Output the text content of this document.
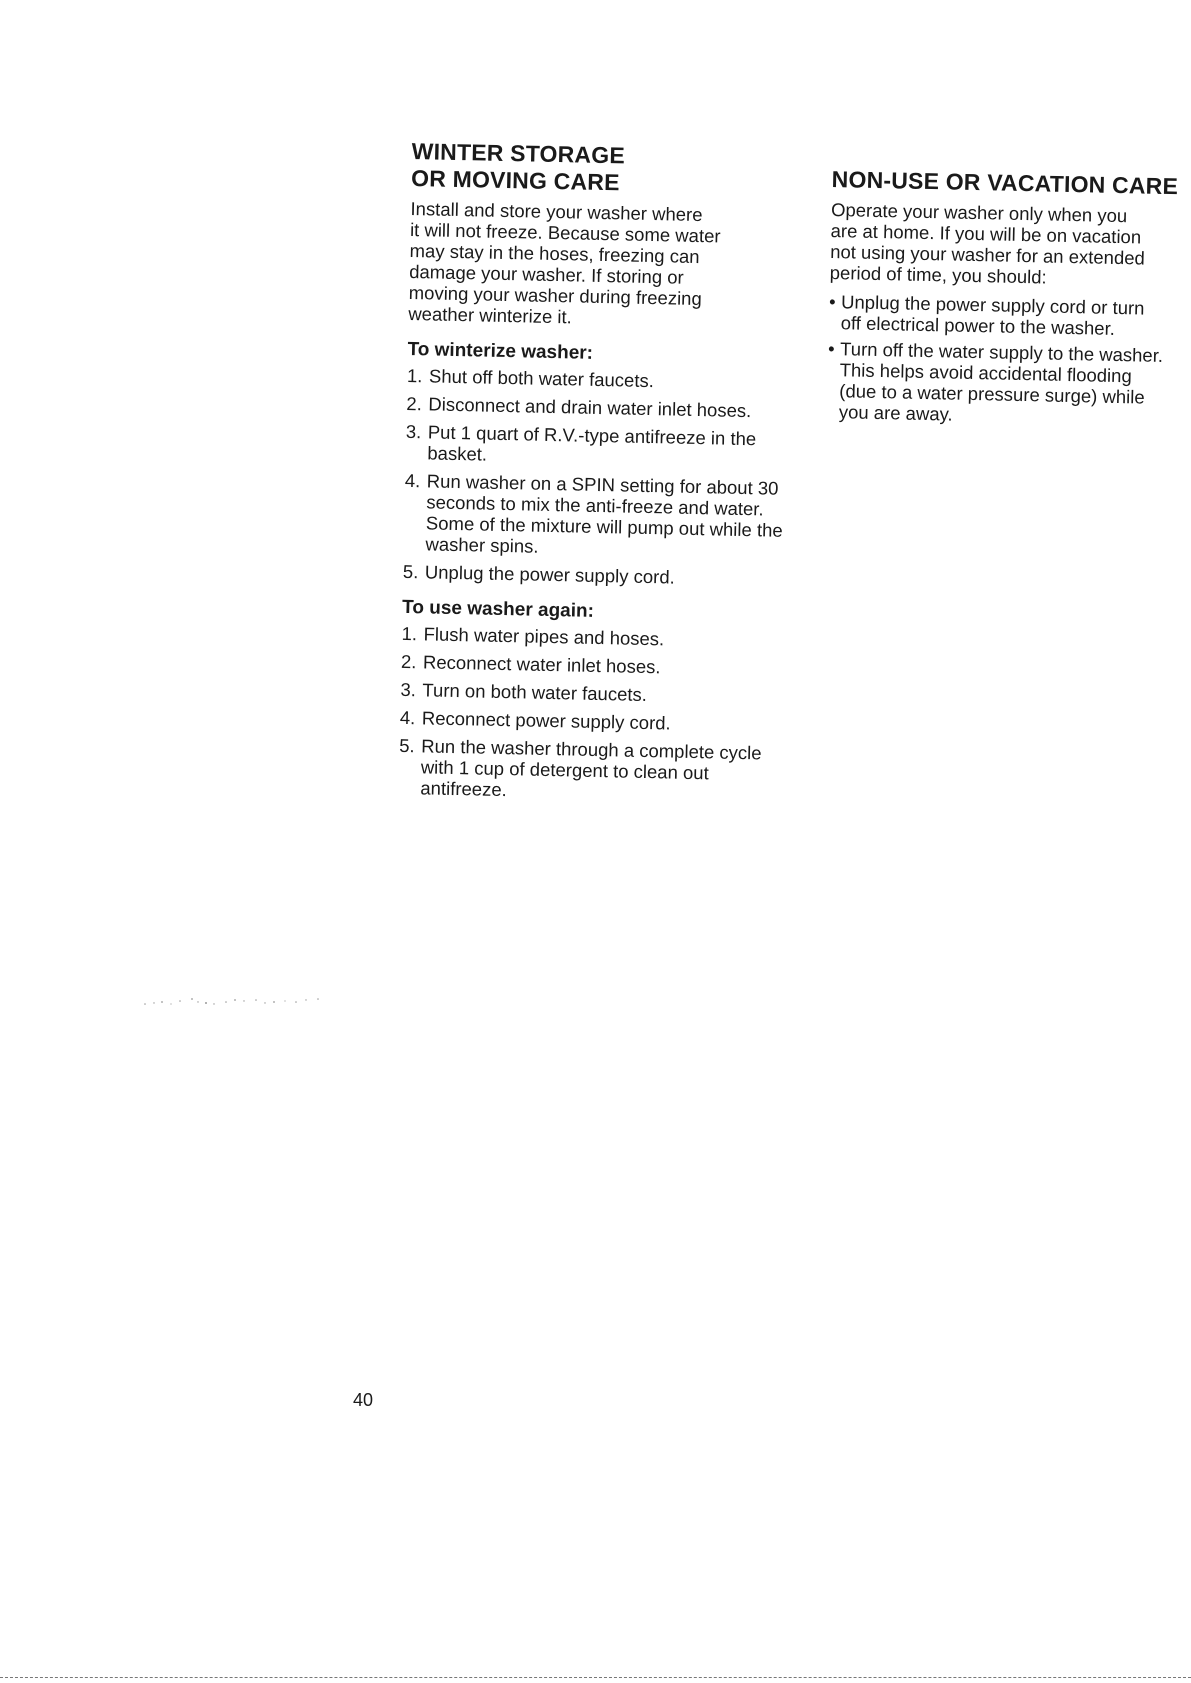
WINTER STORAGE
OR MOVING CARE

Install and store your washer where
it will not freeze. Because some water
may stay in the hoses, freezing can
damage your washer. If storing or
moving your washer during freezing
weather winterize it.

To winterize washer:
1. Shut off both water faucets.
2. Disconnect and drain water inlet hoses.
3. Put 1 quart of R.V.-type antifreeze in the basket.
4. Run washer on a SPIN setting for about 30 seconds to mix the anti-freeze and water. Some of the mixture will pump out while the washer spins.
5. Unplug the power supply cord.
To use washer again:
1. Flush water pipes and hoses.
2. Reconnect water inlet hoses.
3. Turn on both water faucets.
4. Reconnect power supply cord.
5. Run the washer through a complete cycle with 1 cup of detergent to clean out antifreeze.
NON-USE OR VACATION CARE

Operate your washer only when you
are at home. If you will be on vacation
not using your washer for an extended
period of time, you should:

• Unplug the power supply cord or turn
off electrical power to the washer.
• Turn off the water supply to the washer.
This helps avoid accidental flooding
(due to a water pressure surge) while
you are away.
40
